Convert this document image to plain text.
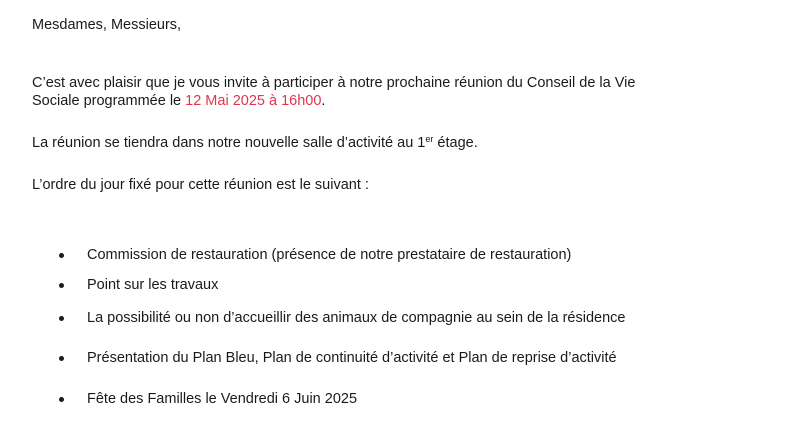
Mesdames, Messieurs,
C’est avec plaisir que je vous invite à participer à notre prochaine réunion du Conseil de la Vie
Sociale programmée le 12 Mai 2025 à 16h00.
La réunion se tiendra dans notre nouvelle salle d’activité au 1er étage.
L’ordre du jour fixé pour cette réunion est le suivant :
Commission de restauration (présence de notre prestataire de restauration)
Point sur les travaux
La possibilité ou non d’accueillir des animaux de compagnie au sein de la résidence
Présentation du Plan Bleu, Plan de continuité d’activité et Plan de reprise d’activité
Fête des Familles le Vendredi 6 Juin 2025
